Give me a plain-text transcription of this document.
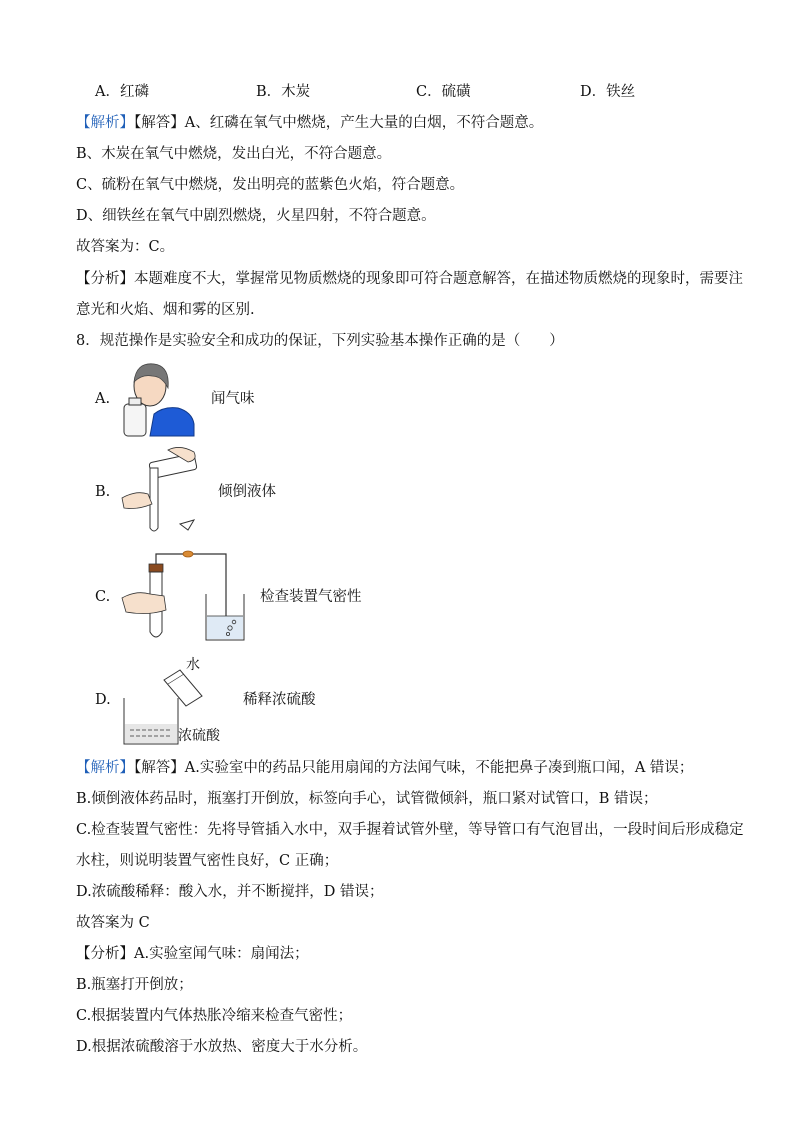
A．红磷	B．木炭	C．硫磺	D．铁丝
【解析】【解答】A、红磷在氧气中燃烧，产生大量的白烟，不符合题意。
B、木炭在氧气中燃烧，发出白光，不符合题意。
C、硫粉在氧气中燃烧，发出明亮的蓝紫色火焰，符合题意。
D、细铁丝在氧气中剧烈燃烧，火星四射，不符合题意。
故答案为：C。
【分析】本题难度不大，掌握常见物质燃烧的现象即可符合题意解答，在描述物质燃烧的现象时，需要注
意光和火焰、烟和雾的区别.
8．规范操作是实验安全和成功的保证，下列实验基本操作正确的是（　　）
A.	闻气味
B.	倾倒液体
C.	检查装置气密性
D.
水
浓硫酸
稀释浓硫酸
【解析】【解答】A.实验室中的药品只能用扇闻的方法闻气味，不能把鼻子凑到瓶口闻，A 错误；
B.倾倒液体药品时，瓶塞打开倒放，标签向手心，试管微倾斜，瓶口紧对试管口，B 错误；
C.检查装置气密性：先将导管插入水中，双手握着试管外壁，等导管口有气泡冒出，一段时间后形成稳定
水柱，则说明装置气密性良好，C 正确；
D.浓硫酸稀释：酸入水，并不断搅拌，D 错误；
故答案为 C
【分析】A.实验室闻气味：扇闻法；
B.瓶塞打开倒放；
C.根据装置内气体热胀冷缩来检查气密性；
D.根据浓硫酸溶于水放热、密度大于水分析。
